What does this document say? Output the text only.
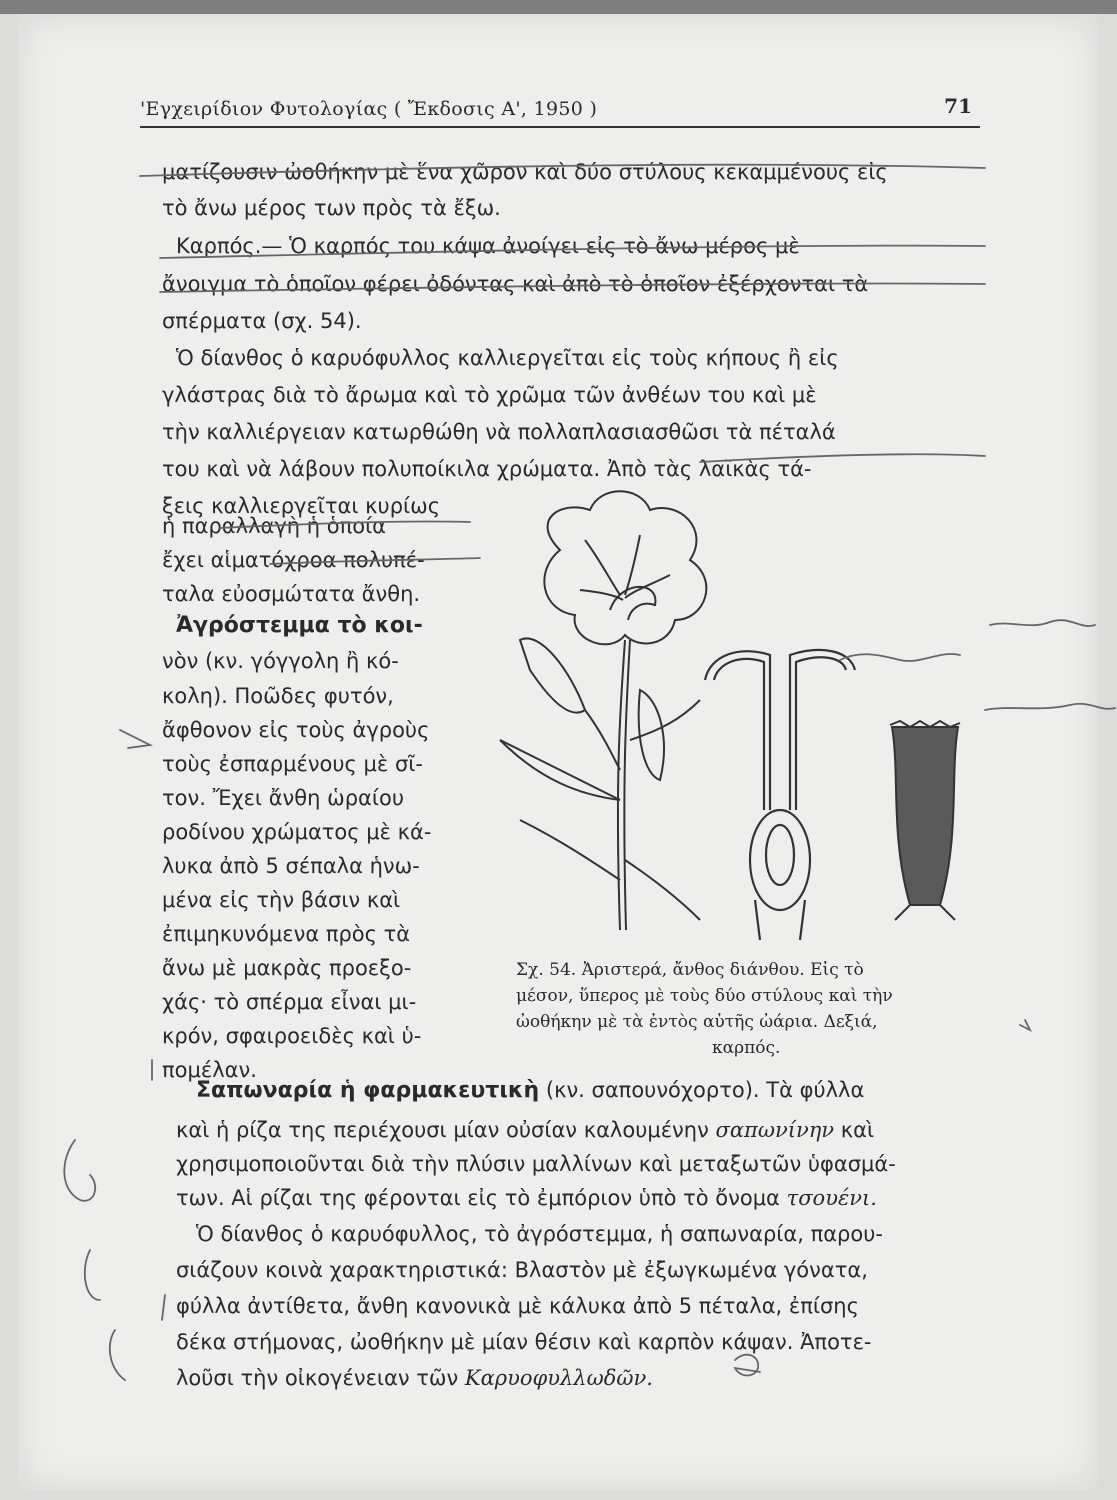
'Εγχειρίδιον Φυτολογίας ( Ἔκδοσις Α', 1950 )	71
ματίζουσιν ὠοθήκην μὲ ἕνα χῶρον καὶ δύο στύλους κεκαμμένους εἰς
τὸ ἄνω μέρος των πρὸς τὰ ἔξω.
Καρπός.— Ὁ καρπός του κάψα ἀνοίγει εἰς τὸ ἄνω μέρος μὲ
ἄνοιγμα τὸ ὁποῖον φέρει ὀδόντας καὶ ἀπὸ τὸ ὁποῖον ἐξέρχονται τὰ
σπέρματα (σχ. 54).
Ὁ δίανθος ὁ καρυόφυλλος καλλιεργεῖται εἰς τοὺς κήπους ἢ εἰς
γλάστρας διὰ τὸ ἄρωμα καὶ τὸ χρῶμα τῶν ἀνθέων του καὶ μὲ
τὴν καλλιέργειαν κατωρθώθη νὰ πολλαπλασιασθῶσι τὰ πέταλά
του καὶ νὰ λάβουν πολυποίκιλα χρώματα. Ἀπὸ τὰς λαϊκὰς τά-
ξεις καλλιεργεῖται κυρίως
ἡ παραλλαγὴ ἡ ὁποία
ἔχει αἱματόχροα πολυπέ-
ταλα εὐοσμώτατα ἄνθη.
Ἀγρόστεμμα τὸ κοι-
νὸν (κν. γόγγολη ἢ κό-
κολη). Ποῶδες φυτόν,
ἄφθονον εἰς τοὺς ἀγροὺς
τοὺς ἐσπαρμένους μὲ σῖ-
τον. Ἔχει ἄνθη ὡραίου
ροδίνου χρώματος μὲ κά-
λυκα ἀπὸ 5 σέπαλα ἡνω-
μένα εἰς τὴν βάσιν καὶ
ἐπιμηκυνόμενα πρὸς τὰ
ἄνω μὲ μακρὰς προεξο-
χάς· τὸ σπέρμα εἶναι μι-
κρόν, σφαιροειδὲς καὶ ὑ-
πομέλαν.
Σχ. 54. Ἀριστερά, ἄνθος διάνθου. Εἰς τὸ
μέσον, ὕπερος μὲ τοὺς δύο στύλους καὶ τὴν
ὠοθήκην μὲ τὰ ἐντὸς αὐτῆς ὠάρια. Δεξιά,
καρπός.
Σαπωναρία ἡ φαρμακευτικὴ (κν. σαπουνόχορτο). Τὰ φύλλα
καὶ ἡ ρίζα της περιέχουσι μίαν οὐσίαν καλουμένην σαπωνίνην καὶ
χρησιμοποιοῦνται διὰ τὴν πλύσιν μαλλίνων καὶ μεταξωτῶν ὑφασμά-
των. Αἱ ρίζαι της φέρονται εἰς τὸ ἐμπόριον ὑπὸ τὸ ὄνομα τσουένι.
Ὁ δίανθος ὁ καρυόφυλλος, τὸ ἀγρόστεμμα, ἡ σαπωναρία, παρου-
σιάζουν κοινὰ χαρακτηριστικά: Βλαστὸν μὲ ἐξωγκωμένα γόνατα,
φύλλα ἀντίθετα, ἄνθη κανονικὰ μὲ κάλυκα ἀπὸ 5 πέταλα, ἐπίσης
δέκα στήμονας, ὠοθήκην μὲ μίαν θέσιν καὶ καρπὸν κάψαν. Ἀποτε-
λοῦσι τὴν οἰκογένειαν τῶν Καρυοφυλλωδῶν.
